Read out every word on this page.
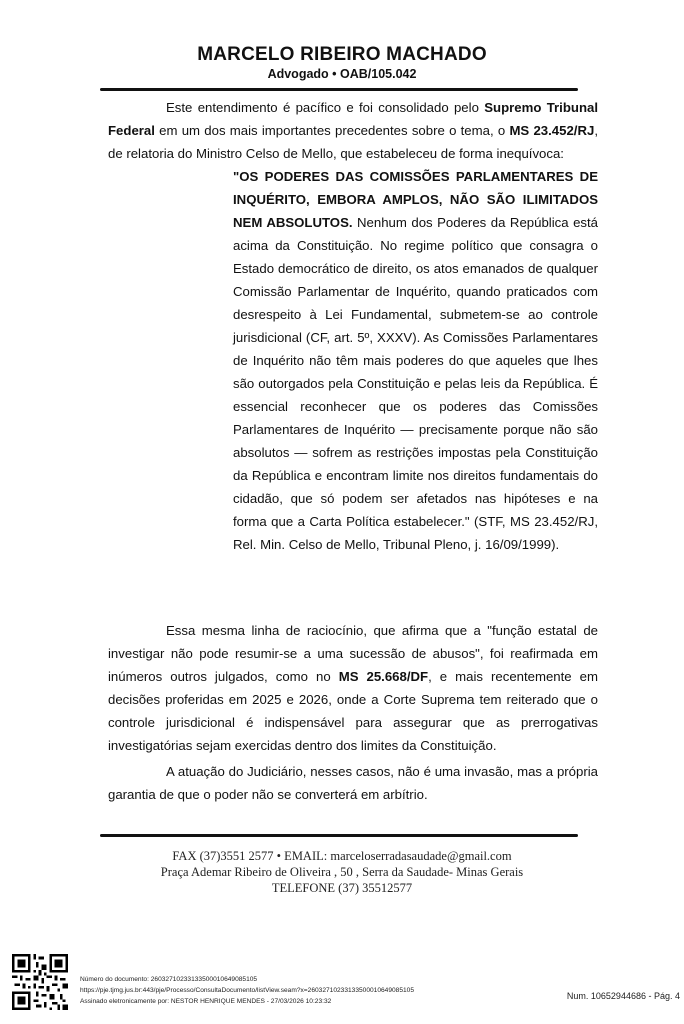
MARCELO RIBEIRO MACHADO
Advogado • OAB/105.042

Este entendimento é pacífico e foi consolidado pelo Supremo Tribunal Federal em um dos mais importantes precedentes sobre o tema, o MS 23.452/RJ, de relatoria do Ministro Celso de Mello, que estabeleceu de forma inequívoca:

"OS PODERES DAS COMISSÕES PARLAMENTARES DE INQUÉRITO, EMBORA AMPLOS, NÃO SÃO ILIMITADOS NEM ABSOLUTOS. Nenhum dos Poderes da República está acima da Constituição. No regime político que consagra o Estado democrático de direito, os atos emanados de qualquer Comissão Parlamentar de Inquérito, quando praticados com desrespeito à Lei Fundamental, submetem-se ao controle jurisdicional (CF, art. 5º, XXXV). As Comissões Parlamentares de Inquérito não têm mais poderes do que aqueles que lhes são outorgados pela Constituição e pelas leis da República. É essencial reconhecer que os poderes das Comissões Parlamentares de Inquérito — precisamente porque não são absolutos — sofrem as restrições impostas pela Constituição da República e encontram limite nos direitos fundamentais do cidadão, que só podem ser afetados nas hipóteses e na forma que a Carta Política estabelecer." (STF, MS 23.452/RJ, Rel. Min. Celso de Mello, Tribunal Pleno, j. 16/09/1999).

Essa mesma linha de raciocínio, que afirma que a "função estatal de investigar não pode resumir-se a uma sucessão de abusos", foi reafirmada em inúmeros outros julgados, como no MS 25.668/DF, e mais recentemente em decisões proferidas em 2025 e 2026, onde a Corte Suprema tem reiterado que o controle jurisdicional é indispensável para assegurar que as prerrogativas investigatórias sejam exercidas dentro dos limites da Constituição.

A atuação do Judiciário, nesses casos, não é uma invasão, mas a própria garantia de que o poder não se converterá em arbítrio.

FAX (37)3551 2577 • EMAIL: marceloserradasaudade@gmail.com
Praça Ademar Ribeiro de Oliveira , 50 , Serra da Saudade- Minas Gerais
TELEFONE (37) 35512577
Número do documento: 26032710233133500010649085105
https://pje.tjmg.jus.br:443/pje/Processo/ConsultaDocumento/listView.seam?x=26032710233133500010649085105
Assinado eletronicamente por: NESTOR HENRIQUE MENDES - 27/03/2026 10:23:32
Num. 10652944686 - Pág. 4
